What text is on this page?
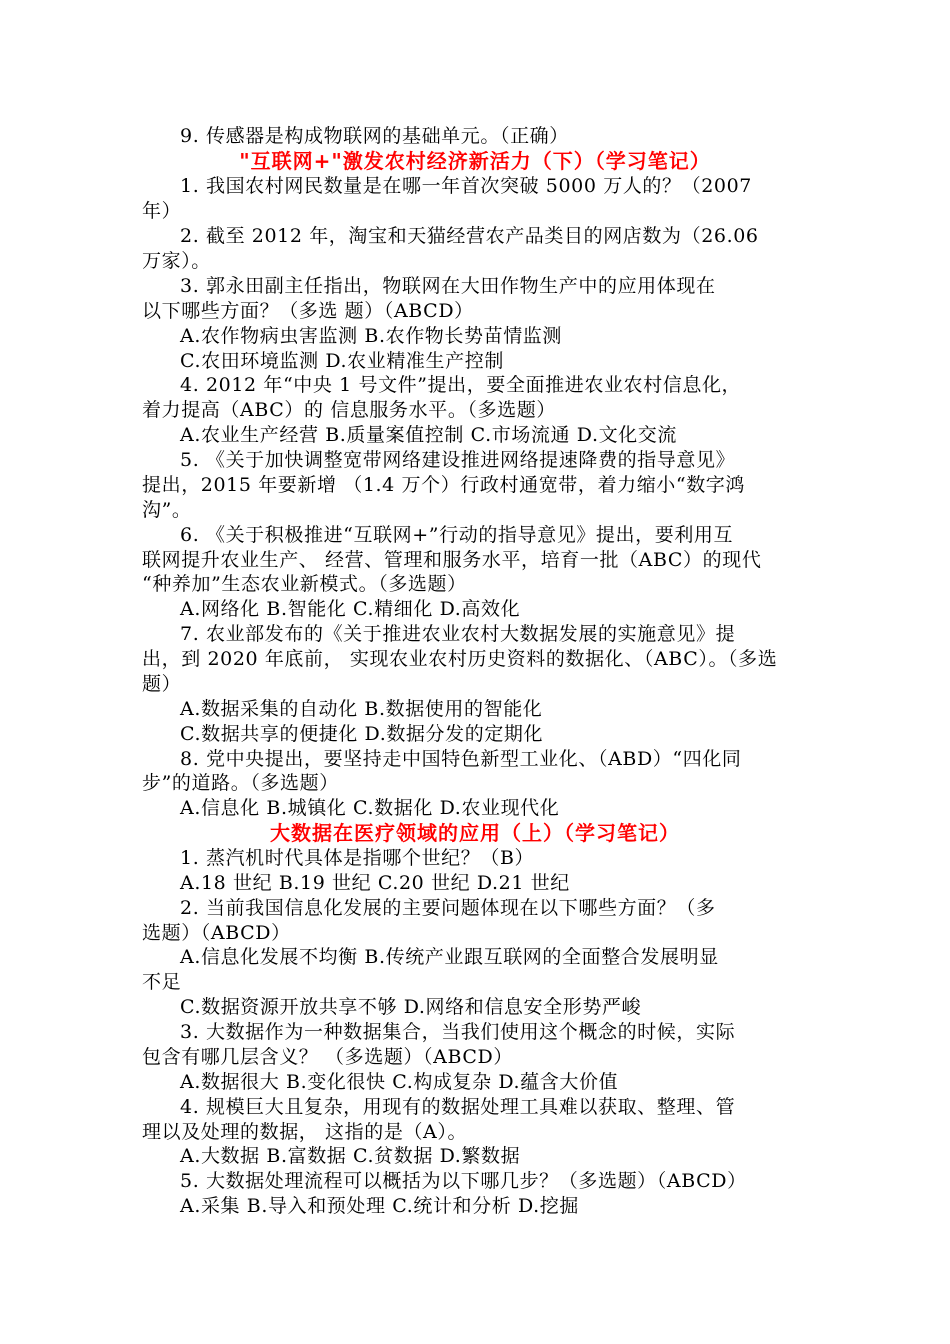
9. 传感器是构成物联网的基础单元。（正确）
"互联网+"激发农村经济新活力（下）（学习笔记）
1. 我国农村网民数量是在哪一年首次突破 5000 万人的？（2007
年）
2. 截至 2012 年，淘宝和天猫经营农产品类目的网店数为（26.06
万家）。
3. 郭永田副主任指出，物联网在大田作物生产中的应用体现在
以下哪些方面？（多选 题）（ABCD）
A.农作物病虫害监测 B.农作物长势苗情监测
C.农田环境监测 D.农业精准生产控制
4. 2012 年“中央 1 号文件”提出，要全面推进农业农村信息化，
着力提高（ABC）的 信息服务水平。（多选题）
A.农业生产经营 B.质量案值控制 C.市场流通 D.文化交流
5. 《关于加快调整宽带网络建设推进网络提速降费的指导意见》
提出，2015 年要新增 （1.4 万个）行政村通宽带，着力缩小“数字鸿
沟”。
6. 《关于积极推进“互联网+”行动的指导意见》提出，要利用互
联网提升农业生产、 经营、管理和服务水平，培育一批（ABC）的现代
“种养加”生态农业新模式。（多选题）
A.网络化 B.智能化 C.精细化 D.高效化
7. 农业部发布的《关于推进农业农村大数据发展的实施意见》提
出，到 2020 年底前， 实现农业农村历史资料的数据化、（ABC）。（多选
题）
A.数据采集的自动化 B.数据使用的智能化
C.数据共享的便捷化 D.数据分发的定期化
8. 党中央提出，要坚持走中国特色新型工业化、（ABD）“四化同
步”的道路。（多选题）
A.信息化 B.城镇化 C.数据化 D.农业现代化
大数据在医疗领域的应用（上）（学习笔记）
1. 蒸汽机时代具体是指哪个世纪？（B）
A.18 世纪 B.19 世纪 C.20 世纪 D.21 世纪
2. 当前我国信息化发展的主要问题体现在以下哪些方面？（多
选题）（ABCD）
A.信息化发展不均衡 B.传统产业跟互联网的全面整合发展明显
不足
C.数据资源开放共享不够 D.网络和信息安全形势严峻
3. 大数据作为一种数据集合，当我们使用这个概念的时候，实际
包含有哪几层含义？ （多选题）（ABCD）
A.数据很大 B.变化很快 C.构成复杂 D.蕴含大价值
4. 规模巨大且复杂，用现有的数据处理工具难以获取、整理、管
理以及处理的数据， 这指的是（A）。
A.大数据 B.富数据 C.贫数据 D.繁数据
5. 大数据处理流程可以概括为以下哪几步？（多选题）（ABCD）
A.采集 B.导入和预处理 C.统计和分析 D.挖掘
